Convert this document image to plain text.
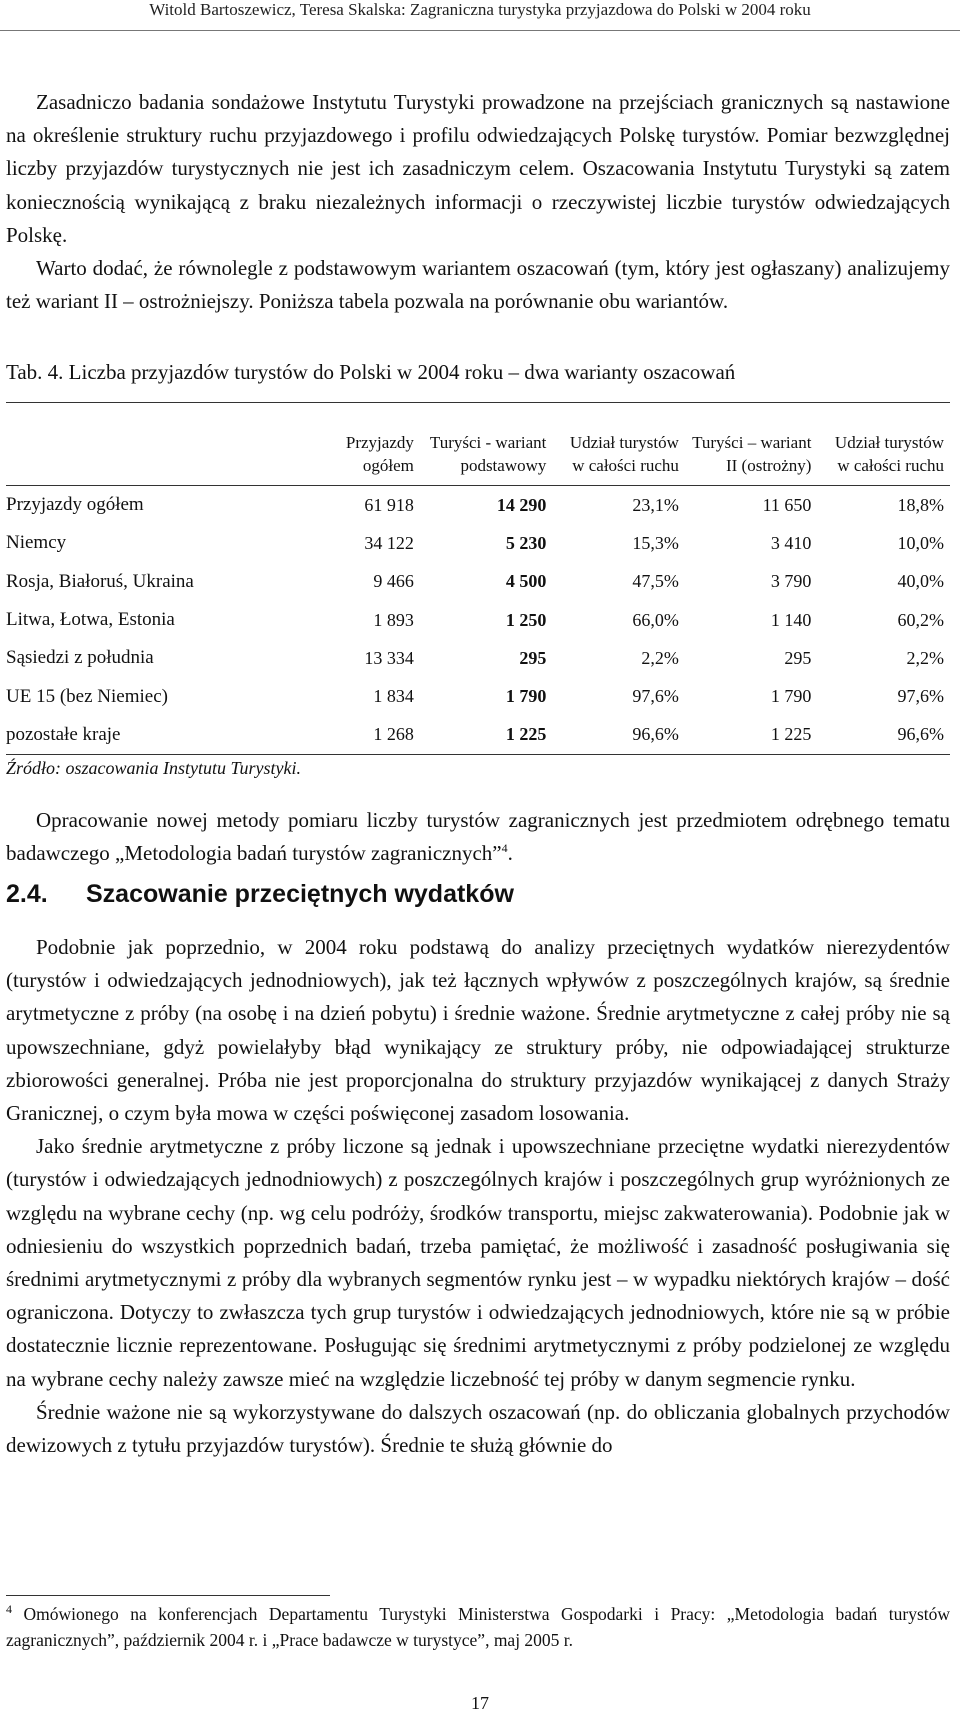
Witold Bartoszewicz, Teresa Skalska: Zagraniczna turystyka przyjazdowa do Polski w 2004 roku

Zasadniczo badania sondażowe Instytutu Turystyki prowadzone na przejściach granicznych są nastawione na określenie struktury ruchu przyjazdowego i profilu odwiedzających Polskę turystów. Pomiar bezwzględnej liczby przyjazdów turystycznych nie jest ich zasadniczym celem. Oszacowania Instytutu Turystyki są zatem koniecznością wynikającą z braku niezależnych informacji o rzeczywistej liczbie turystów odwiedzających Polskę.

Warto dodać, że równolegle z podstawowym wariantem oszacowań (tym, który jest ogłaszany) analizujemy też wariant II – ostrożniejszy. Poniższa tabela pozwala na porównanie obu wariantów.

Tab. 4. Liczba przyjazdów turystów do Polski w 2004 roku – dwa warianty oszacowań
	Przyjazdy ogółem	Turyści - wariant podstawowy	Udział turystów w całości ruchu	Turyści – wariant II (ostrożny)	Udział turystów w całości ruchu
Przyjazdy ogółem	61 918	14 290	23,1%	11 650	18,8%
Niemcy	34 122	5 230	15,3%	3 410	10,0%
Rosja, Białoruś, Ukraina	9 466	4 500	47,5%	3 790	40,0%
Litwa, Łotwa, Estonia	1 893	1 250	66,0%	1 140	60,2%
Sąsiedzi z południa	13 334	295	2,2%	295	2,2%
UE 15 (bez Niemiec)	1 834	1 790	97,6%	1 790	97,6%
pozostałe kraje	1 268	1 225	96,6%	1 225	96,6%
Źródło: oszacowania Instytutu Turystyki.

Opracowanie nowej metody pomiaru liczby turystów zagranicznych jest przedmiotem odrębnego tematu badawczego „Metodologia badań turystów zagranicznych”$^4$.

2.4. Szacowanie przeciętnych wydatków

Podobnie jak poprzednio, w 2004 roku podstawą do analizy przeciętnych wydatków nierezydentów (turystów i odwiedzających jednodniowych), jak też łącznych wpływów z poszczególnych krajów, są średnie arytmetyczne z próby (na osobę i na dzień pobytu) i średnie ważone. Średnie arytmetyczne z całej próby nie są upowszechniane, gdyż powielałyby błąd wynikający ze struktury próby, nie odpowiadającej strukturze zbiorowości generalnej. Próba nie jest proporcjonalna do struktury przyjazdów wynikającej z danych Straży Granicznej, o czym była mowa w części poświęconej zasadom losowania.

Jako średnie arytmetyczne z próby liczone są jednak i upowszechniane przeciętne wydatki nierezydentów (turystów i odwiedzających jednodniowych) z poszczególnych krajów i poszczególnych grup wyróżnionych ze względu na wybrane cechy (np. wg celu podróży, środków transportu, miejsc zakwaterowania). Podobnie jak w odniesieniu do wszystkich poprzednich badań, trzeba pamiętać, że możliwość i zasadność posługiwania się średnimi arytmetycznymi z próby dla wybranych segmentów rynku jest – w wypadku niektórych krajów – dość ograniczona. Dotyczy to zwłaszcza tych grup turystów i odwiedzających jednodniowych, które nie są w próbie dostatecznie licznie reprezentowane. Posługując się średnimi arytmetycznymi z próby podzielonej ze względu na wybrane cechy należy zawsze mieć na względzie liczebność tej próby w danym segmencie rynku.

Średnie ważone nie są wykorzystywane do dalszych oszacowań (np. do obliczania globalnych przychodów dewizowych z tytułu przyjazdów turystów). Średnie te służą głównie do

$^4$ Omówionego na konferencjach Departamentu Turystyki Ministerstwa Gospodarki i Pracy: „Metodologia badań turystów zagranicznych”, październik 2004 r. i „Prace badawcze w turystyce”, maj 2005 r.
17
